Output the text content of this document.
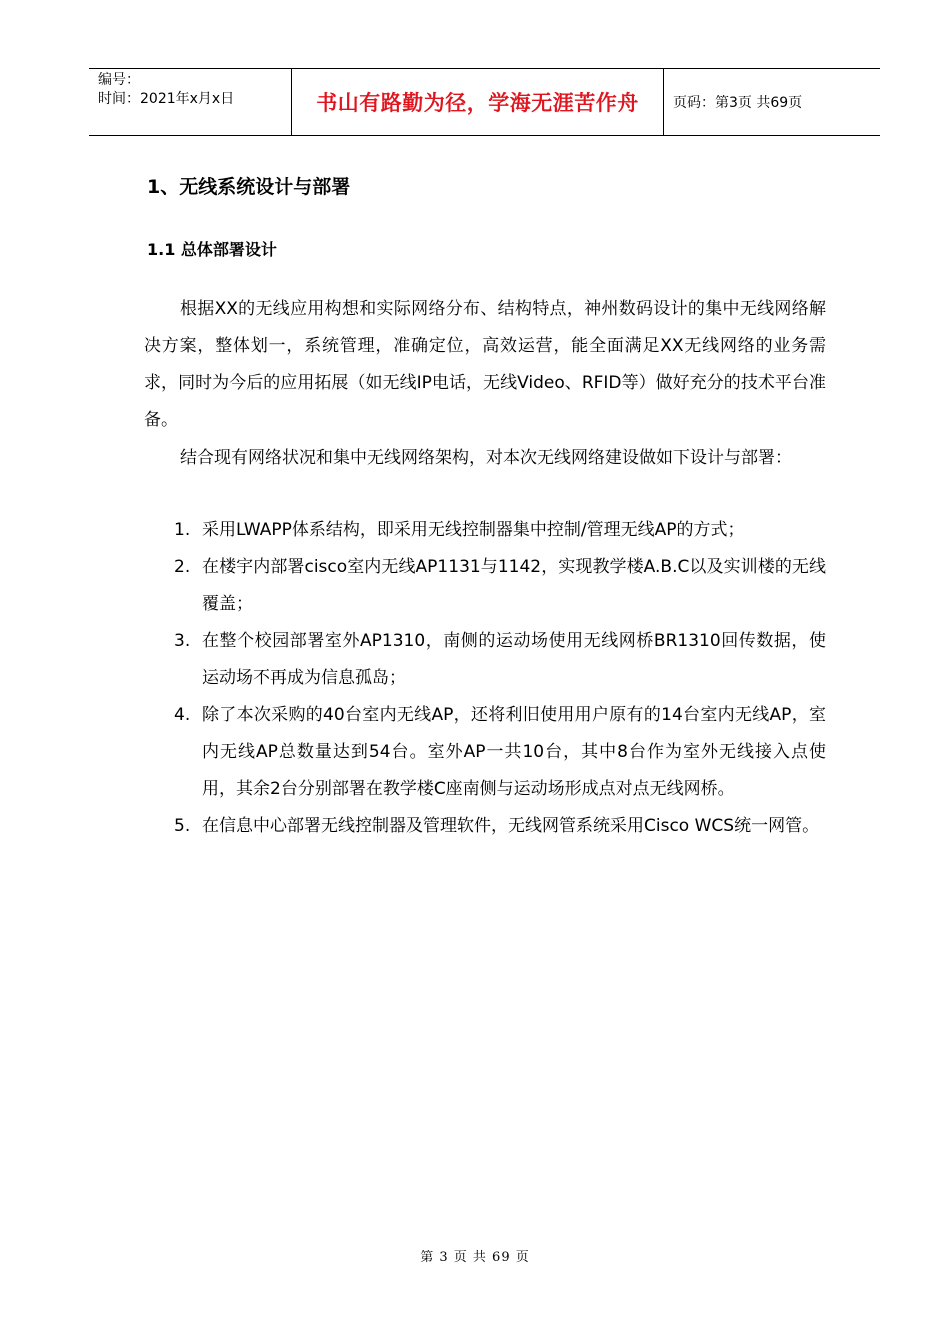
编号：
时间：2021年x月x日	书山有路勤为径，学海无涯苦作舟	页码：第3页 共69页
1、无线系统设计与部署
1.1 总体部署设计

根据XX的无线应用构想和实际网络分布、结构特点，神州数码设计的集中无线网络解决方案，整体划一，系统管理，准确定位，高效运营，能全面满足XX无线网络的业务需求，同时为今后的应用拓展（如无线IP电话，无线Video、RFID等）做好充分的技术平台准备。

结合现有网络状况和集中无线网络架构，对本次无线网络建设做如下设计与部署：

1. 采用LWAPP体系结构，即采用无线控制器集中控制/管理无线AP的方式；
2. 在楼宇内部署cisco室内无线AP1131与1142，实现教学楼A.B.C以及实训楼的无线覆盖；
3. 在整个校园部署室外AP1310，南侧的运动场使用无线网桥BR1310回传数据，使运动场不再成为信息孤岛；
4. 除了本次采购的40台室内无线AP，还将利旧使用用户原有的14台室内无线AP，室内无线AP总数量达到54台。室外AP一共10台，其中8台作为室外无线接入点使用，其余2台分别部署在教学楼C座南侧与运动场形成点对点无线网桥。
5. 在信息中心部署无线控制器及管理软件，无线网管系统采用Cisco WCS统一网管。
第 3 页 共 69 页
